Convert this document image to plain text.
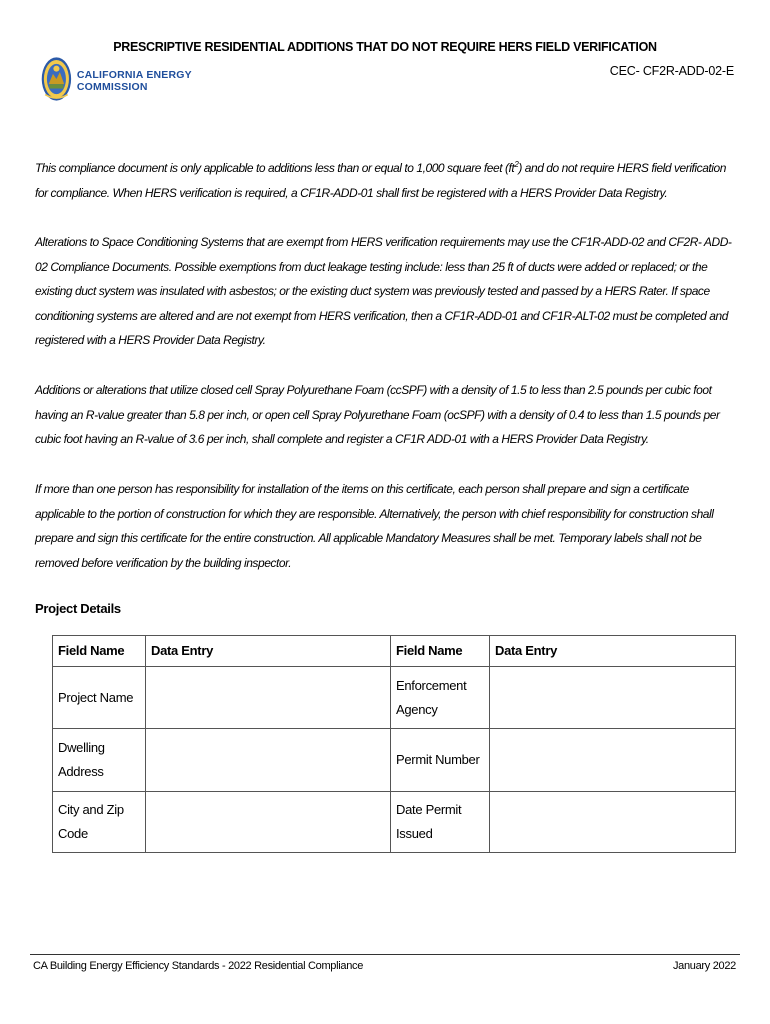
PRESCRIPTIVE RESIDENTIAL ADDITIONS THAT DO NOT REQUIRE HERS FIELD VERIFICATION
CALIFORNIA ENERGY COMMISSION
CEC- CF2R-ADD-02-E

This compliance document is only applicable to additions less than or equal to 1,000 square feet $(ft^2)$ and do not require HERS field verification for compliance. When HERS verification is required, a CF1R-ADD-01 shall first be registered with a HERS Provider Data Registry.

Alterations to Space Conditioning Systems that are exempt from HERS verification requirements may use the CF1R-ADD-02 and CF2R- ADD-02 Compliance Documents. Possible exemptions from duct leakage testing include: less than 25 ft of ducts were added or replaced; or the existing duct system was insulated with asbestos; or the existing duct system was previously tested and passed by a HERS Rater. If space conditioning systems are altered and are not exempt from HERS verification, then a CF1R-ADD-01 and CF1R-ALT-02 must be completed and registered with a HERS Provider Data Registry.

Additions or alterations that utilize closed cell Spray Polyurethane Foam (ccSPF) with a density of 1.5 to less than 2.5 pounds per cubic foot having an R-value greater than 5.8 per inch, or open cell Spray Polyurethane Foam (ocSPF) with a density of 0.4 to less than 1.5 pounds per cubic foot having an R-value of 3.6 per inch, shall complete and register a CF1R ADD-01 with a HERS Provider Data Registry.

If more than one person has responsibility for installation of the items on this certificate, each person shall prepare and sign a certificate applicable to the portion of construction for which they are responsible. Alternatively, the person with chief responsibility for construction shall prepare and sign this certificate for the entire construction. All applicable Mandatory Measures shall be met. Temporary labels shall not be removed before verification by the building inspector.

Project Details
Field Name	Data Entry	Field Name	Data Entry
Project Name		Enforcement Agency	
Dwelling Address		Permit Number	
City and Zip Code		Date Permit Issued	
CA Building Energy Efficiency Standards - 2022 Residential Compliance	January 2022
